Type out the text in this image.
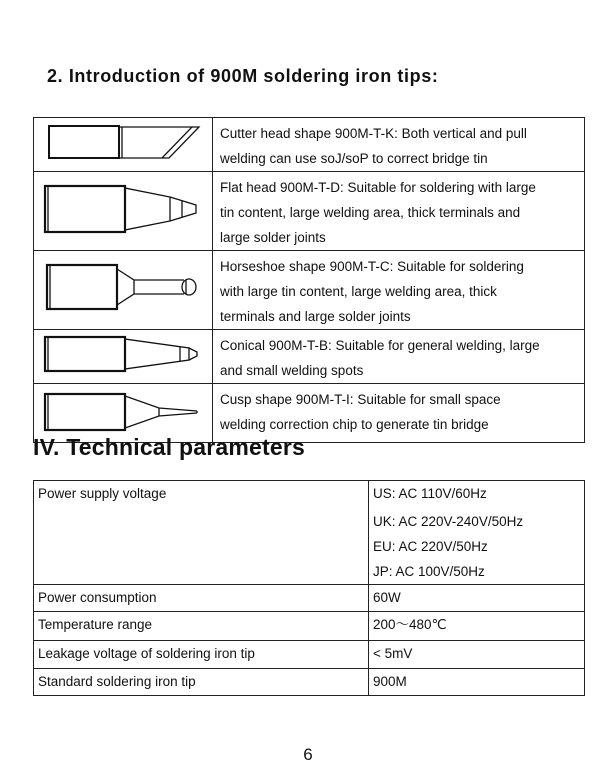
2. Introduction of 900M soldering iron tips:

Cutter head shape 900M-T-K: Both vertical and pull
welding can use soJ/soP to correct bridge tin

Flat head 900M-T-D: Suitable for soldering with large
tin content, large welding area, thick terminals and
large solder joints

Horseshoe shape 900M-T-C: Suitable for soldering
with large tin content, large welding area, thick
terminals and large solder joints

Conical 900M-T-B: Suitable for general welding, large
and small welding spots

Cusp shape 900M-T-I: Suitable for small space
welding correction chip to generate tin bridge
IV. Technical parameters
Power supply voltage	US: AC 110V/60Hz
UK: AC 220V-240V/50Hz
EU: AC 220V/50Hz
JP: AC 100V/50Hz

Power consumption	60W
Temperature range	200～480℃
Leakage voltage of soldering iron tip	< 5mV
Standard soldering iron tip	900M
6
